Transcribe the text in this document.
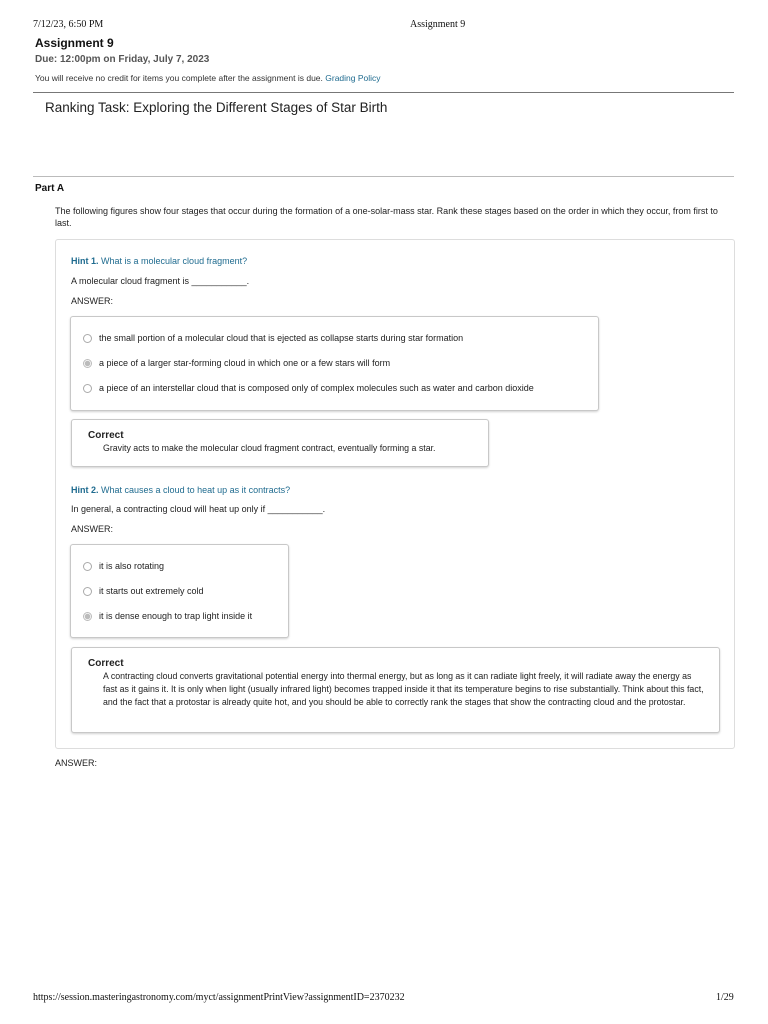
7/12/23, 6:50 PM	Assignment 9
Assignment 9
Due: 12:00pm on Friday, July 7, 2023
You will receive no credit for items you complete after the assignment is due. Grading Policy
Ranking Task: Exploring the Different Stages of Star Birth
Part A
The following figures show four stages that occur during the formation of a one-solar-mass star. Rank these stages based on the order in which they occur, from first to last.
Hint 1. What is a molecular cloud fragment?
A molecular cloud fragment is ___________.
ANSWER:
the small portion of a molecular cloud that is ejected as collapse starts during star formation
a piece of a larger star-forming cloud in which one or a few stars will form
a piece of an interstellar cloud that is composed only of complex molecules such as water and carbon dioxide
Correct
Gravity acts to make the molecular cloud fragment contract, eventually forming a star.
Hint 2. What causes a cloud to heat up as it contracts?
In general, a contracting cloud will heat up only if ___________.
ANSWER:
it is also rotating
it starts out extremely cold
it is dense enough to trap light inside it
Correct
A contracting cloud converts gravitational potential energy into thermal energy, but as long as it can radiate light freely, it will radiate away the energy as fast as it gains it. It is only when light (usually infrared light) becomes trapped inside it that its temperature begins to rise substantially. Think about this fact, and the fact that a protostar is already quite hot, and you should be able to correctly rank the stages that show the contracting cloud and the protostar.
ANSWER:
https://session.masteringastronomy.com/myct/assignmentPrintView?assignmentID=2370232	1/29
